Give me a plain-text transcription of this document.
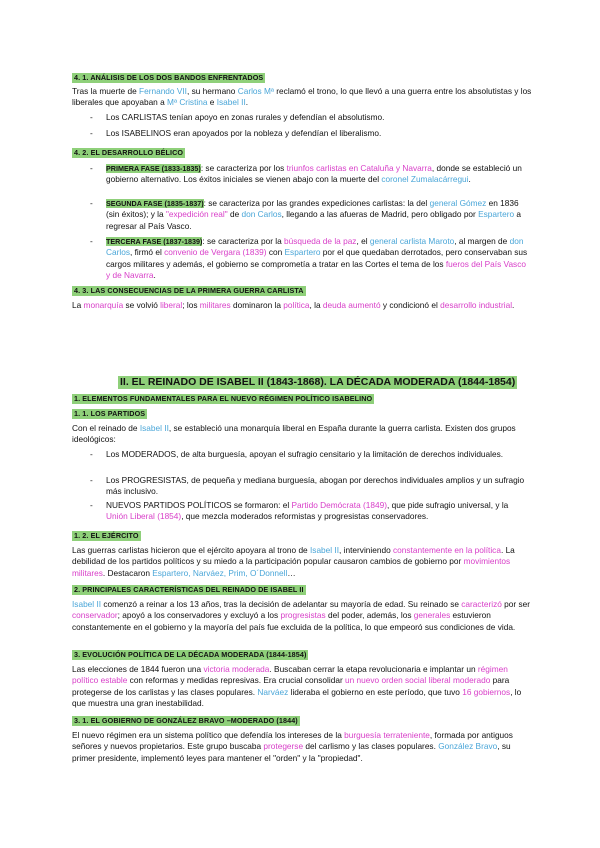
4. 1. ANÁLISIS DE LOS DOS BANDOS ENFRENTADOS
Tras la muerte de Fernando VII, su hermano Carlos Mª reclamó el trono, lo que llevó a una guerra entre los absolutistas y los liberales que apoyaban a Mª Cristina e Isabel II.
- Los CARLISTAS tenían apoyo en zonas rurales y defendían el absolutismo.
- Los ISABELINOS eran apoyados por la nobleza y defendían el liberalismo.
4. 2. EL DESARROLLO BÉLICO
- PRIMERA FASE (1833-1835): se caracteriza por los triunfos carlistas en Cataluña y Navarra, donde se estableció un gobierno alternativo. Los éxitos iniciales se vienen abajo con la muerte del coronel Zumalacárregui.
- SEGUNDA FASE (1835-1837): se caracteriza por las grandes expediciones carlistas: la del general Gómez en 1836 (sin éxitos); y la "expedición real" de don Carlos, llegando a las afueras de Madrid, pero obligado por Espartero a regresar al País Vasco.
- TERCERA FASE (1837-1839): se caracteriza por la búsqueda de la paz, el general carlista Maroto, al margen de don Carlos, firmó el convenio de Vergara (1839) con Espartero por el que quedaban derrotados, pero conservaban sus cargos militares y además, el gobierno se comprometía a tratar en las Cortes el tema de los fueros del País Vasco y de Navarra.
4. 3. LAS CONSECUENCIAS DE LA PRIMERA GUERRA CARLISTA
La monarquía se volvió liberal; los militares dominaron la política, la deuda aumentó y condicionó el desarrollo industrial.
II. EL REINADO DE ISABEL II (1843-1868). LA DÉCADA MODERADA (1844-1854)
1. ELEMENTOS FUNDAMENTALES PARA EL NUEVO RÉGIMEN POLÍTICO ISABELINO
1. 1. LOS PARTIDOS
Con el reinado de Isabel II, se estableció una monarquía liberal en España durante la guerra carlista. Existen dos grupos ideológicos:
- Los MODERADOS, de alta burguesía, apoyan el sufragio censitario y la limitación de derechos individuales.
- Los PROGRESISTAS, de pequeña y mediana burguesía, abogan por derechos individuales amplios y un sufragio más inclusivo.
- NUEVOS PARTIDOS POLÍTICOS se formaron: el Partido Demócrata (1849), que pide sufragio universal, y la Unión Liberal (1854), que mezcla moderados reformistas y progresistas conservadores.
1. 2. EL EJÉRCITO
Las guerras carlistas hicieron que el ejército apoyara al trono de Isabel II, interviniendo constantemente en la política. La debilidad de los partidos políticos y su miedo a la participación popular causaron cambios de gobierno por movimientos militares. Destacaron Espartero, Narváez, Prim, O´Donnell…
2. PRINCIPALES CARACTERÍSTICAS DEL REINADO DE ISABEL II
Isabel II comenzó a reinar a los 13 años, tras la decisión de adelantar su mayoría de edad. Su reinado se caracterizó por ser conservador; apoyó a los conservadores y excluyó a los progresistas del poder, además, los generales estuvieron constantemente en el gobierno y la mayoría del país fue excluida de la política, lo que empeoró sus condiciones de vida.
3. EVOLUCIÓN POLÍTICA DE LA DÉCADA MODERADA (1844-1854)
Las elecciones de 1844 fueron una victoria moderada. Buscaban cerrar la etapa revolucionaria e implantar un régimen político estable con reformas y medidas represivas. Era crucial consolidar un nuevo orden social liberal moderado para protegerse de los carlistas y las clases populares. Narváez lideraba el gobierno en este período, que tuvo 16 gobiernos, lo que muestra una gran inestabilidad.
3. 1. EL GOBIERNO DE GONZÁLEZ BRAVO –MODERADO (1844)
El nuevo régimen era un sistema político que defendía los intereses de la burguesía terrateniente, formada por antiguos señores y nuevos propietarios. Este grupo buscaba protegerse del carlismo y las clases populares. González Bravo, su primer presidente, implementó leyes para mantener el "orden" y la "propiedad".
